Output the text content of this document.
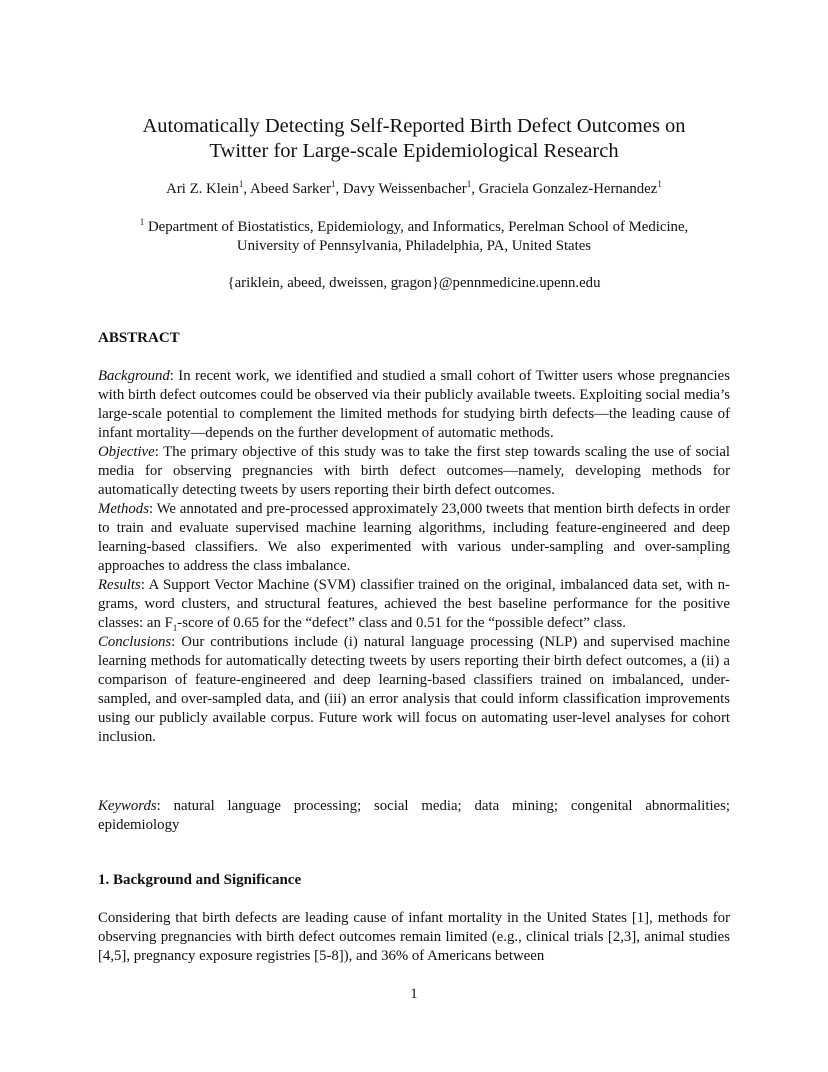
Automatically Detecting Self-Reported Birth Defect Outcomes on
Twitter for Large-scale Epidemiological Research
Ari Z. Klein$^1$, Abeed Sarker$^1$, Davy Weissenbacher$^1$, Graciela Gonzalez-Hernandez$^1$
$^1$ Department of Biostatistics, Epidemiology, and Informatics, Perelman School of Medicine,
University of Pennsylvania, Philadelphia, PA, United States
{ariklein, abeed, dweissen, gragon}@pennmedicine.upenn.edu
ABSTRACT

Background: In recent work, we identified and studied a small cohort of Twitter users whose pregnancies with birth defect outcomes could be observed via their publicly available tweets. Exploiting social media’s large-scale potential to complement the limited methods for studying birth defects—the leading cause of infant mortality—depends on the further development of automatic methods.

Objective: The primary objective of this study was to take the first step towards scaling the use of social media for observing pregnancies with birth defect outcomes—namely, developing methods for automatically detecting tweets by users reporting their birth defect outcomes.

Methods: We annotated and pre-processed approximately 23,000 tweets that mention birth defects in order to train and evaluate supervised machine learning algorithms, including feature-engineered and deep learning-based classifiers. We also experimented with various under-sampling and over-sampling approaches to address the class imbalance.

Results: A Support Vector Machine (SVM) classifier trained on the original, imbalanced data set, with n-grams, word clusters, and structural features, achieved the best baseline performance for the positive classes: an $F_1$-score of 0.65 for the “defect” class and 0.51 for the “possible defect” class.

Conclusions: Our contributions include (i) natural language processing (NLP) and supervised machine learning methods for automatically detecting tweets by users reporting their birth defect outcomes, a (ii) a comparison of feature-engineered and deep learning-based classifiers trained on imbalanced, under-sampled, and over-sampled data, and (iii) an error analysis that could inform classification improvements using our publicly available corpus. Future work will focus on automating user-level analyses for cohort inclusion.

Keywords: natural language processing; social media; data mining; congenital abnormalities; epidemiology
1. Background and Significance
Considering that birth defects are leading cause of infant mortality in the United States [1], methods for observing pregnancies with birth defect outcomes remain limited (e.g., clinical trials [2,3], animal studies [4,5], pregnancy exposure registries [5-8]), and 36% of Americans between
1
